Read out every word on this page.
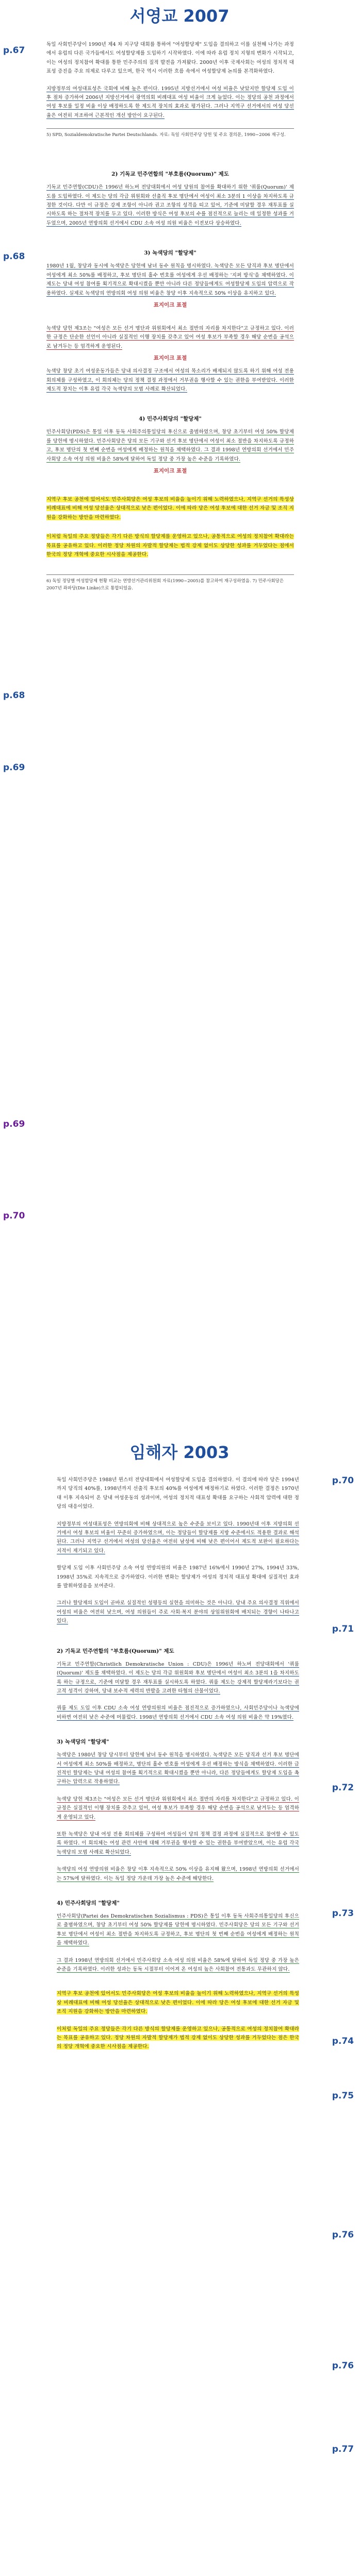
서영교 2007
p.67
p.68
p.68
p.69
p.69
p.70

독일 사회민주당이 1990년 제4 차 지구당 대회를 통하여 "여성할당제" 도입을 결의하고 이를 실천해 나가는 과정에서 유럽의 다른 국가들에서도 여성할당제를 도입하기 시작하였다. 이에 따라 유럽 정치 지형의 변화가 시작되고, 이는 여성의 정치참여 확대를 통한 민주주의의 질적 발전을 가져왔다. 2000년 이후 국제사회는 여성의 정치적 대표성 증진을 주요 의제로 다루고 있으며, 한국 역시 이러한 흐름 속에서 여성할당제 논의를 본격화하였다.

지방정부의 여성대표성은 국회에 비해 높은 편이다. 1995년 지방선거에서 여성 비율은 낮았지만 할당제 도입 이후 점차 증가하여 2006년 지방선거에서 광역의회 비례대표 여성 비율이 크게 늘었다. 이는 정당의 공천 과정에서 여성 후보를 일정 비율 이상 배정하도록 한 제도적 장치의 효과로 평가된다. 그러나 지역구 선거에서의 여성 당선율은 여전히 저조하여 근본적인 개선 방안이 요구된다.

5) SPD, Sozialdemokratische Partei Deutschlands. 자료: 독일 사회민주당 당헌 및 주요 결의문, 1990~2006 재구성.

2) 기독교 민주연합의 "부호름(Quorum)" 제도

기독교 민주연합(CDU)은 1996년 하노버 전당대회에서 여성 당원의 참여를 확대하기 위한 '쿼룸(Quorum)' 제도를 도입하였다. 이 제도는 당의 각급 위원회와 선출직 후보 명단에서 여성이 최소 3분의 1 이상을 차지하도록 규정한 것이다. 다만 이 규정은 강제 조항이 아니라 권고 조항의 성격을 띠고 있어, 기준에 미달할 경우 재투표를 실시하도록 하는 절차적 장치를 두고 있다. 이러한 방식은 여성 후보의 수를 점진적으로 늘리는 데 일정한 성과를 거두었으며, 2005년 연방의회 선거에서 CDU 소속 여성 의원 비율은 이전보다 상승하였다.

3) 녹색당의 "할당제"

1980년 1월, 창당과 동시에 녹색당은 당헌에 남녀 동수 원칙을 명시하였다. 녹색당은 모든 당직과 후보 명단에서 여성에게 최소 50%를 배정하고, 후보 명단의 홀수 번호를 여성에게 우선 배정하는 '지퍼 방식'을 채택하였다. 이 제도는 당내 여성 참여를 획기적으로 확대시켰을 뿐만 아니라 다른 정당들에게도 여성할당제 도입의 압력으로 작용하였다. 실제로 녹색당의 연방의회 여성 의원 비율은 창당 이후 지속적으로 50% 이상을 유지하고 있다.

표지이크 표절

녹색당 당헌 제3조는 "여성은 모든 선거 명단과 위원회에서 최소 절반의 자리를 차지한다"고 규정하고 있다. 이러한 규정은 단순한 선언이 아니라 실질적인 이행 장치를 갖추고 있어 여성 후보가 부족할 경우 해당 순번을 공석으로 남겨두는 등 엄격하게 운영된다.

표지이크 표절

녹색당 창당 초기 여성운동가들은 당내 의사결정 구조에서 여성의 목소리가 배제되지 않도록 하기 위해 여성 전용 회의체를 구성하였고, 이 회의체는 당의 정책 결정 과정에서 거부권을 행사할 수 있는 권한을 부여받았다. 이러한 제도적 장치는 이후 유럽 각국 녹색당의 모범 사례로 확산되었다.

4) 민주사회당의 "할당제"

민주사회당(PDS)은 통일 이후 동독 사회주의통일당의 후신으로 출범하였으며, 창당 초기부터 여성 50% 할당제를 당헌에 명시하였다. 민주사회당은 당의 모든 기구와 선거 후보 명단에서 여성이 최소 절반을 차지하도록 규정하고, 후보 명단의 첫 번째 순번을 여성에게 배정하는 원칙을 채택하였다. 그 결과 1998년 연방의회 선거에서 민주사회당 소속 여성 의원 비율은 58%에 달하여 독일 정당 중 가장 높은 수준을 기록하였다.

표지이크 표절

지역구 후보 공천에 있어서도 민주사회당은 여성 후보의 비율을 높이기 위해 노력하였으나, 지역구 선거의 특성상 비례대표에 비해 여성 당선율은 상대적으로 낮은 편이었다. 이에 따라 당은 여성 후보에 대한 선거 자금 및 조직 지원을 강화하는 방안을 마련하였다.

이처럼 독일의 주요 정당들은 각기 다른 방식의 할당제를 운영하고 있으나, 공통적으로 여성의 정치참여 확대라는 목표를 공유하고 있다. 이러한 정당 차원의 자발적 할당제는 법적 강제 없이도 상당한 성과를 거두었다는 점에서 한국의 정당 개혁에 중요한 시사점을 제공한다.

6) 독일 정당별 여성할당제 현황 비교는 연방선거관리위원회 자료(1990~2005)를 참고하여 재구성하였음. 7) 민주사회당은 2007년 좌파당(Die Linke)으로 통합되었음.

임해자 2003
p.70
p.71
p.72
p.73
p.74
p.75
p.76
p.76
p.77

독일 사회민주당은 1988년 뮌스터 전당대회에서 여성할당제 도입을 결의하였다. 이 결의에 따라 당은 1994년까지 당직의 40%를, 1998년까지 선출직 후보의 40%를 여성에게 배정하기로 하였다. 이러한 결정은 1970년대 이후 지속되어 온 당내 여성운동의 성과이며, 여성의 정치적 대표성 확대를 요구하는 사회적 압력에 대한 정당의 대응이었다.

지방정부의 여성대표성은 연방의회에 비해 상대적으로 높은 수준을 보이고 있다. 1990년대 이후 지방의회 선거에서 여성 후보의 비율이 꾸준히 증가하였으며, 이는 정당들이 할당제를 지방 수준에서도 적용한 결과로 해석된다. 그러나 지역구 선거에서 여성의 당선율은 여전히 남성에 비해 낮은 편이어서 제도적 보완이 필요하다는 지적이 제기되고 있다.

할당제 도입 이후 사회민주당 소속 여성 연방의원의 비율은 1987년 16%에서 1990년 27%, 1994년 33%, 1998년 35%로 지속적으로 증가하였다. 이러한 변화는 할당제가 여성의 정치적 대표성 확대에 실질적인 효과를 발휘하였음을 보여준다.

그러나 할당제의 도입이 곧바로 실질적인 성평등의 실현을 의미하는 것은 아니다. 당내 주요 의사결정 직위에서 여성의 비율은 여전히 낮으며, 여성 의원들이 주로 사회·복지 분야의 상임위원회에 배치되는 경향이 나타나고 있다.

2) 기독교 민주연합의 "부호름(Quorum)" 제도

기독교 민주연합(Christlich Demokratische Union : CDU)은 1996년 하노버 전당대회에서 '쿼룸(Quorum)' 제도를 채택하였다. 이 제도는 당의 각급 위원회와 후보 명단에서 여성이 최소 3분의 1을 차지하도록 하는 규정으로, 기준에 미달할 경우 재투표를 실시하도록 하였다. 쿼룸 제도는 강제적 할당제라기보다는 권고적 성격이 강하며, 당내 보수적 세력의 반발을 고려한 타협의 산물이었다.

쿼룸 제도 도입 이후 CDU 소속 여성 연방의원의 비율은 점진적으로 증가하였으나, 사회민주당이나 녹색당에 비하면 여전히 낮은 수준에 머물렀다. 1998년 연방의회 선거에서 CDU 소속 여성 의원 비율은 약 19%였다.

3) 녹색당의 "할당제"

녹색당은 1980년 창당 당시부터 당헌에 남녀 동수 원칙을 명시하였다. 녹색당은 모든 당직과 선거 후보 명단에서 여성에게 최소 50%를 배정하고, 명단의 홀수 번호를 여성에게 우선 배정하는 방식을 채택하였다. 이러한 급진적인 할당제는 당내 여성의 참여를 획기적으로 확대시켰을 뿐만 아니라, 다른 정당들에게도 할당제 도입을 촉구하는 압력으로 작용하였다.

녹색당 당헌 제3조는 "여성은 모든 선거 명단과 위원회에서 최소 절반의 자리를 차지한다"고 규정하고 있다. 이 규정은 실질적인 이행 장치를 갖추고 있어, 여성 후보가 부족할 경우 해당 순번을 공석으로 남겨두는 등 엄격하게 운영되고 있다.

또한 녹색당은 당내 여성 전용 회의체를 구성하여 여성들이 당의 정책 결정 과정에 실질적으로 참여할 수 있도록 하였다. 이 회의체는 여성 관련 사안에 대해 거부권을 행사할 수 있는 권한을 부여받았으며, 이는 유럽 각국 녹색당의 모범 사례로 확산되었다.

녹색당의 여성 연방의원 비율은 창당 이후 지속적으로 50% 이상을 유지해 왔으며, 1998년 연방의회 선거에서는 57%에 달하였다. 이는 독일 정당 가운데 가장 높은 수준에 해당한다.

4) 민주사회당의 "할당제"

민주사회당(Partei des Demokratischen Sozialismus : PDS)은 통일 이후 동독 사회주의통일당의 후신으로 출범하였으며, 창당 초기부터 여성 50% 할당제를 당헌에 명시하였다. 민주사회당은 당의 모든 기구와 선거 후보 명단에서 여성이 최소 절반을 차지하도록 규정하고, 후보 명단의 첫 번째 순번을 여성에게 배정하는 원칙을 채택하였다.

그 결과 1998년 연방의회 선거에서 민주사회당 소속 여성 의원 비율은 58%에 달하여 독일 정당 중 가장 높은 수준을 기록하였다. 이러한 성과는 동독 시절부터 이어져 온 여성의 높은 사회참여 전통과도 무관하지 않다.

지역구 후보 공천에 있어서도 민주사회당은 여성 후보의 비율을 높이기 위해 노력하였으나, 지역구 선거의 특성상 비례대표에 비해 여성 당선율은 상대적으로 낮은 편이었다. 이에 따라 당은 여성 후보에 대한 선거 자금 및 조직 지원을 강화하는 방안을 마련하였다.

이처럼 독일의 주요 정당들은 각기 다른 방식의 할당제를 운영하고 있으나, 공통적으로 여성의 정치참여 확대라는 목표를 공유하고 있다. 정당 차원의 자발적 할당제가 법적 강제 없이도 상당한 성과를 거두었다는 점은 한국의 정당 개혁에 중요한 시사점을 제공한다.
